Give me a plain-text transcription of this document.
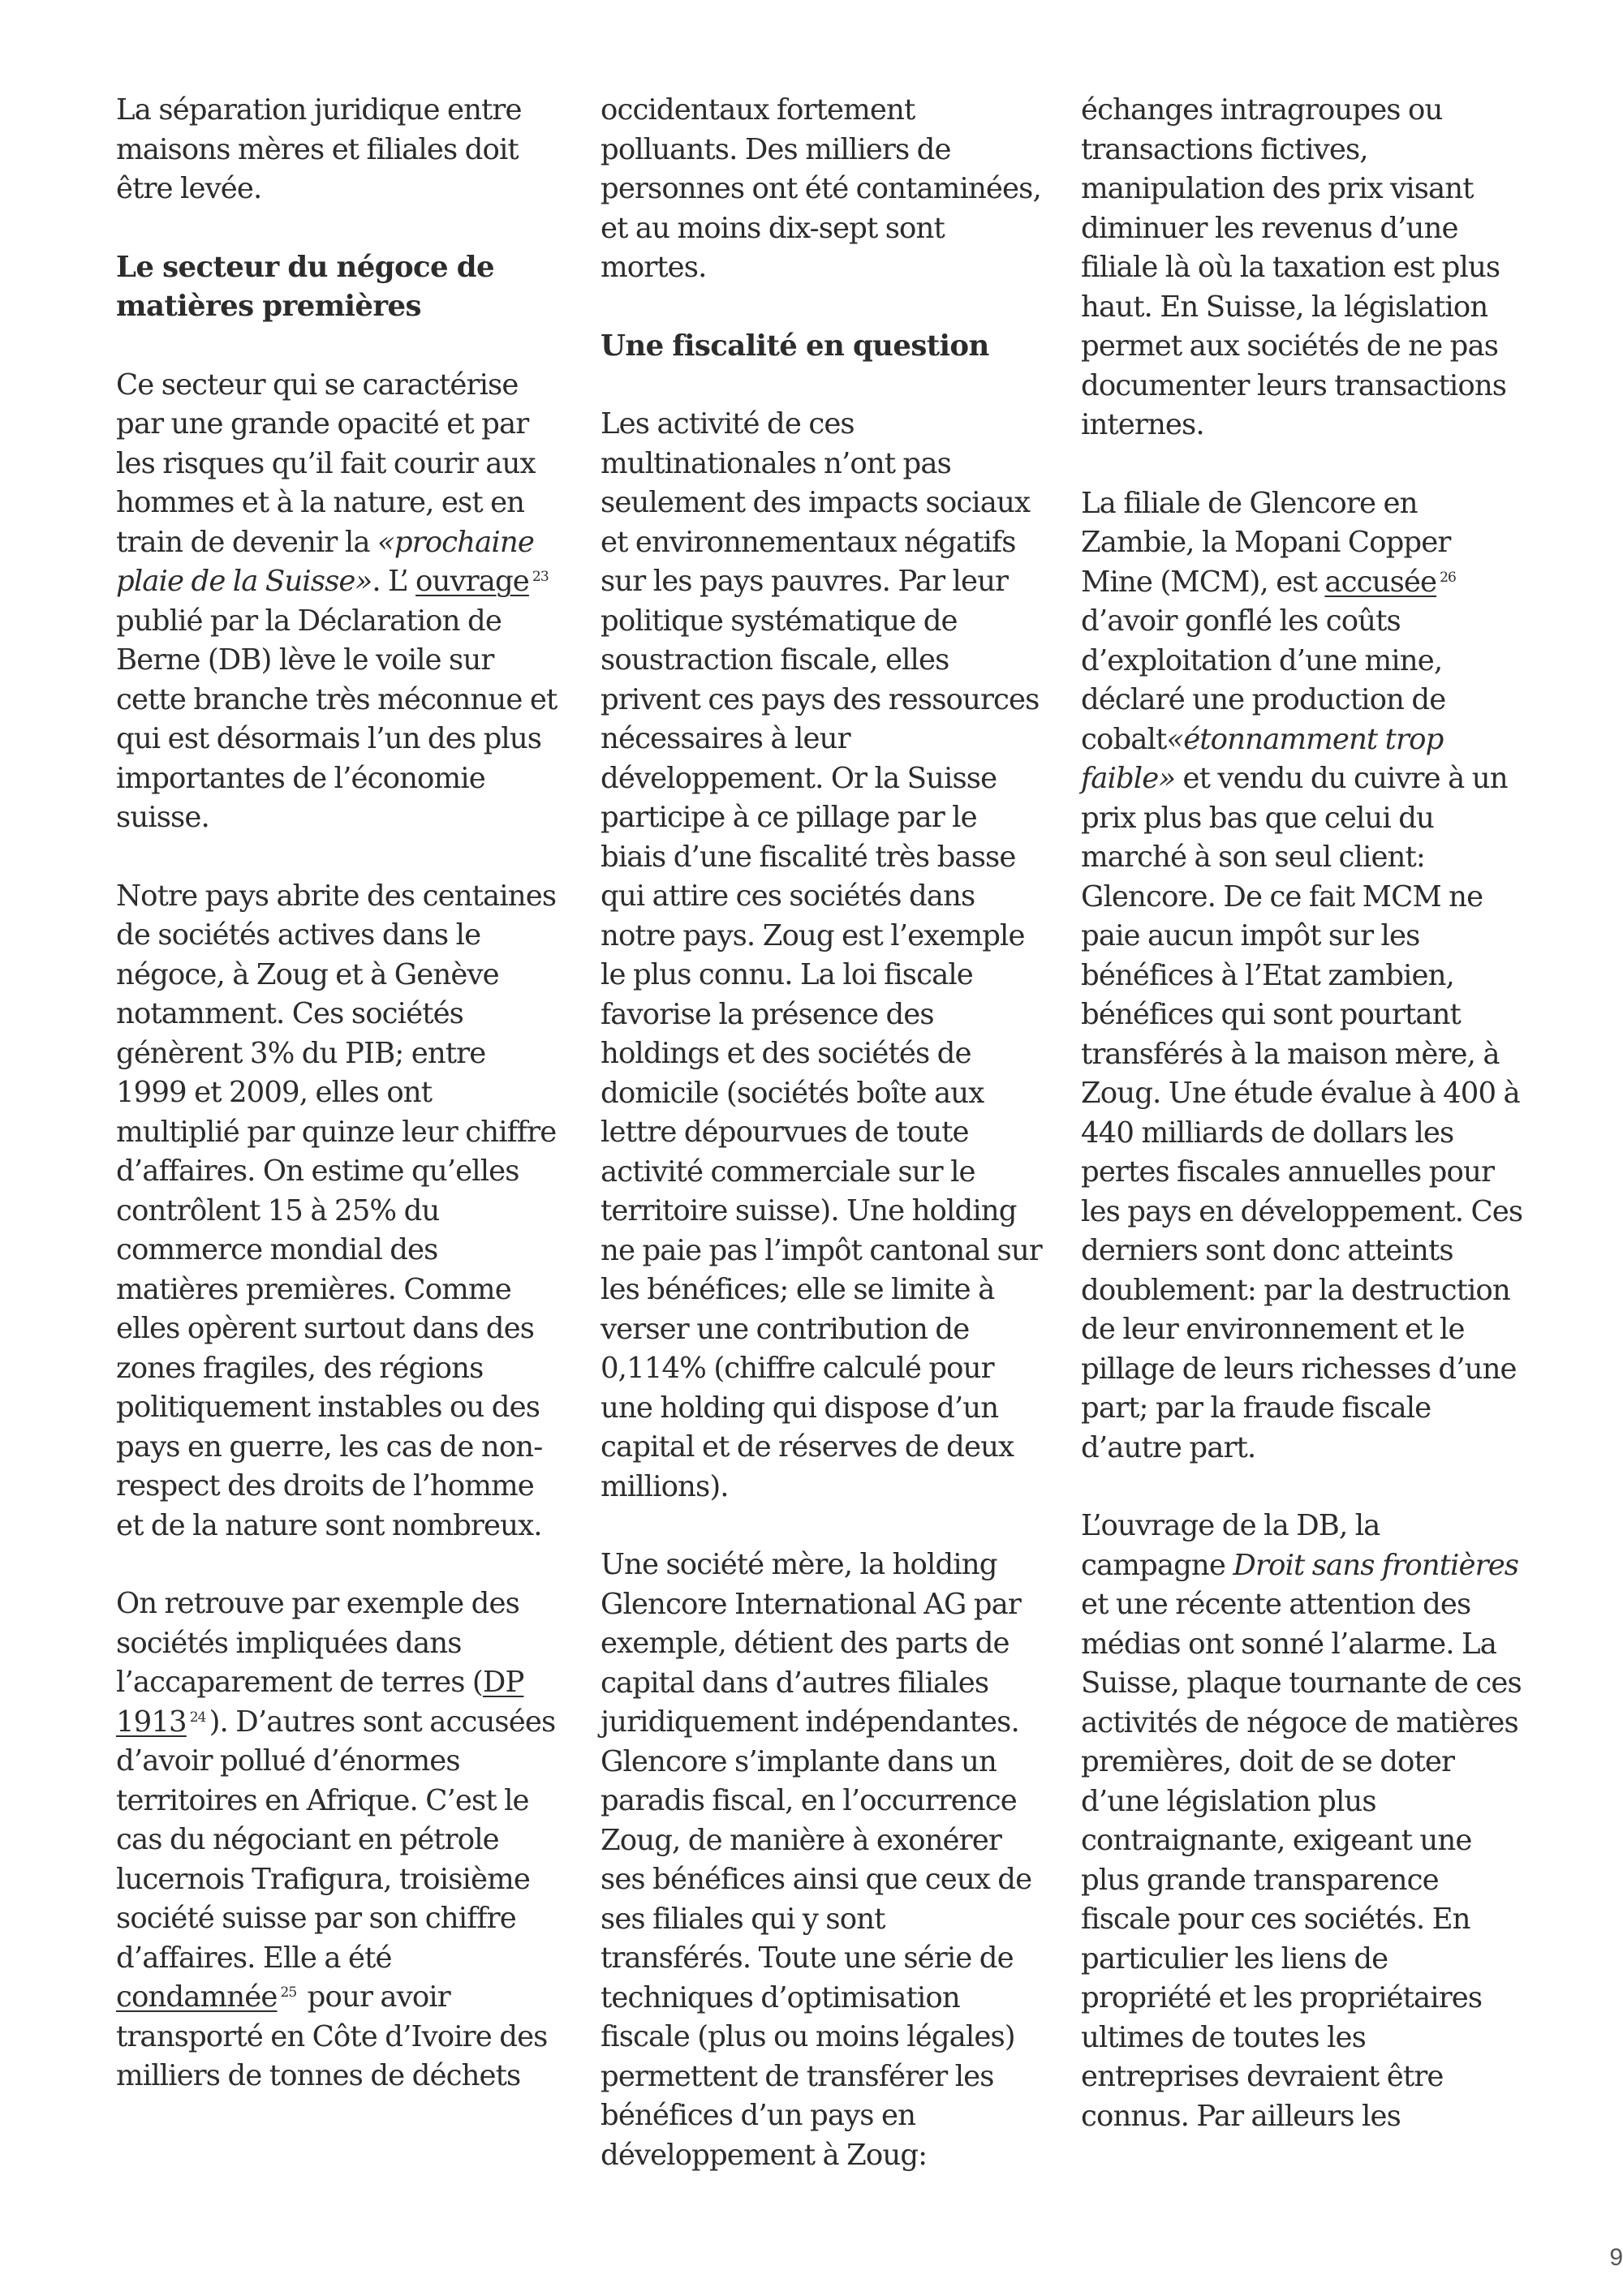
La séparation juridique entre maisons mères et filiales doit être levée.

Le secteur du négoce de matières premières

Ce secteur qui se caractérise par une grande opacité et par les risques qu’il fait courir aux hommes et à la nature, est en train de devenir la «prochaine plaie de la Suisse». L’ ouvrage $^{23}$ publié par la Déclaration de Berne (DB) lève le voile sur cette branche très méconnue et qui est désormais l’un des plus importantes de l’économie suisse.

Notre pays abrite des centaines de sociétés actives dans le négoce, à Zoug et à Genève notamment. Ces sociétés génèrent 3% du PIB; entre 1999 et 2009, elles ont multiplié par quinze leur chiffre d’affaires. On estime qu’elles contrôlent 15 à 25% du commerce mondial des matières premières. Comme elles opèrent surtout dans des zones fragiles, des régions politiquement instables ou des pays en guerre, les cas de non-respect des droits de l’homme et de la nature sont nombreux.

On retrouve par exemple des sociétés impliquées dans l’accaparement de terres (DP 1913 $^{24}$ ). D’autres sont accusées d’avoir pollué d’énormes territoires en Afrique. C’est le cas du négociant en pétrole lucernois Trafigura, troisième société suisse par son chiffre d’affaires. Elle a été condamnée $^{25}$ pour avoir transporté en Côte d’Ivoire des milliers de tonnes de déchets

occidentaux fortement polluants. Des milliers de personnes ont été contaminées, et au moins dix-sept sont mortes.

Une fiscalité en question

Les activité de ces multinationales n’ont pas seulement des impacts sociaux et environnementaux négatifs sur les pays pauvres. Par leur politique systématique de soustraction fiscale, elles privent ces pays des ressources nécessaires à leur développement. Or la Suisse participe à ce pillage par le biais d’une fiscalité très basse qui attire ces sociétés dans notre pays. Zoug est l’exemple le plus connu. La loi fiscale favorise la présence des holdings et des sociétés de domicile (sociétés boîte aux lettre dépourvues de toute activité commerciale sur le territoire suisse). Une holding ne paie pas l’impôt cantonal sur les bénéfices; elle se limite à verser une contribution de 0,114% (chiffre calculé pour une holding qui dispose d’un capital et de réserves de deux millions).

Une société mère, la holding Glencore International AG par exemple, détient des parts de capital dans d’autres filiales juridiquement indépendantes. Glencore s’implante dans un paradis fiscal, en l’occurrence Zoug, de manière à exonérer ses bénéfices ainsi que ceux de ses filiales qui y sont transférés. Toute une série de techniques d’optimisation fiscale (plus ou moins légales) permettent de transférer les bénéfices d’un pays en développement à Zoug:

échanges intragroupes ou transactions fictives, manipulation des prix visant diminuer les revenus d’une filiale là où la taxation est plus haut. En Suisse, la législation permet aux sociétés de ne pas documenter leurs transactions internes.

La filiale de Glencore en Zambie, la Mopani Copper Mine (MCM), est accusée $^{26}$ d’avoir gonflé les coûts d’exploitation d’une mine, déclaré une production de cobalt«étonnamment trop faible» et vendu du cuivre à un prix plus bas que celui du marché à son seul client: Glencore. De ce fait MCM ne paie aucun impôt sur les bénéfices à l’Etat zambien, bénéfices qui sont pourtant transférés à la maison mère, à Zoug. Une étude évalue à 400 à 440 milliards de dollars les pertes fiscales annuelles pour les pays en développement. Ces derniers sont donc atteints doublement: par la destruction de leur environnement et le pillage de leurs richesses d’une part; par la fraude fiscale d’autre part.

L’ouvrage de la DB, la campagne Droit sans frontières et une récente attention des médias ont sonné l’alarme. La Suisse, plaque tournante de ces activités de négoce de matières premières, doit de se doter d’une législation plus contraignante, exigeant une plus grande transparence fiscale pour ces sociétés. En particulier les liens de propriété et les propriétaires ultimes de toutes les entreprises devraient être connus. Par ailleurs les

9
